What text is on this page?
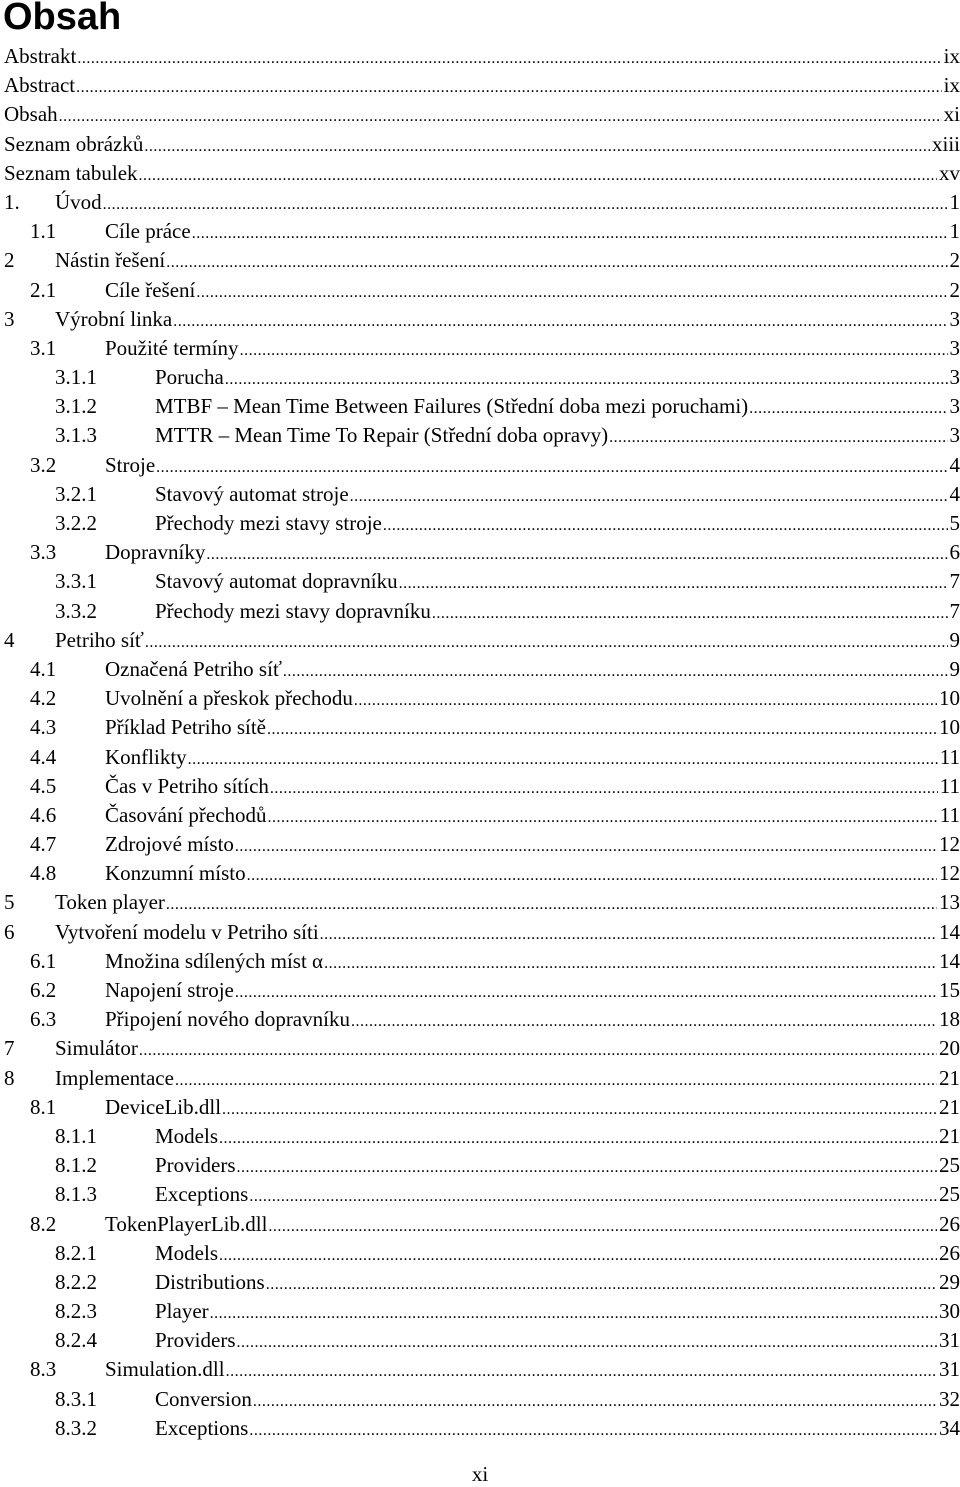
Obsah
Abstrakt .....	ix
Abstract .....	ix
Obsah .....	xi
Seznam obrázků .....	xiii
Seznam tabulek .....	xv
1. Úvod .....	1
1.1 Cíle práce .....	1
2 Nástin řešení .....	2
2.1 Cíle řešení .....	2
3 Výrobní linka .....	3
3.1 Použité termíny .....	3
3.1.1	Porucha .....	3
3.1.2	MTBF – Mean Time Between Failures (Střední doba mezi poruchami) .....	3
3.1.3	MTTR – Mean Time To Repair (Střední doba opravy) .....	3
3.2 Stroje .....	4
3.2.1	Stavový automat stroje .....	4
3.2.2	Přechody mezi stavy stroje .....	5
3.3 Dopravníky .....	6
3.3.1	Stavový automat dopravníku .....	7
3.3.2	Přechody mezi stavy dopravníku .....	7
4 Petriho síť .....	9
4.1 Označená Petriho síť .....	9
4.2 Uvolnění a přeskok přechodu .....	10
4.3 Příklad Petriho sítě .....	10
4.4 Konflikty .....	11
4.5 Čas v Petriho sítích .....	11
4.6 Časování přechodů .....	11
4.7 Zdrojové místo .....	12
4.8 Konzumní místo .....	12
5 Token player .....	13
6 Vytvoření modelu v Petriho síti .....	14
6.1 Množina sdílených míst α .....	14
6.2 Napojení stroje .....	15
6.3 Připojení nového dopravníku .....	18
7 Simulátor .....	20
8 Implementace .....	21
8.1 DeviceLib.dll .....	21
8.1.1	Models .....	21
8.1.2	Providers .....	25
8.1.3	Exceptions .....	25
8.2 TokenPlayerLib.dll .....	26
8.2.1	Models .....	26
8.2.2	Distributions .....	29
8.2.3	Player .....	30
8.2.4	Providers .....	31
8.3 Simulation.dll .....	31
8.3.1	Conversion .....	32
8.3.2	Exceptions .....	34
xi
